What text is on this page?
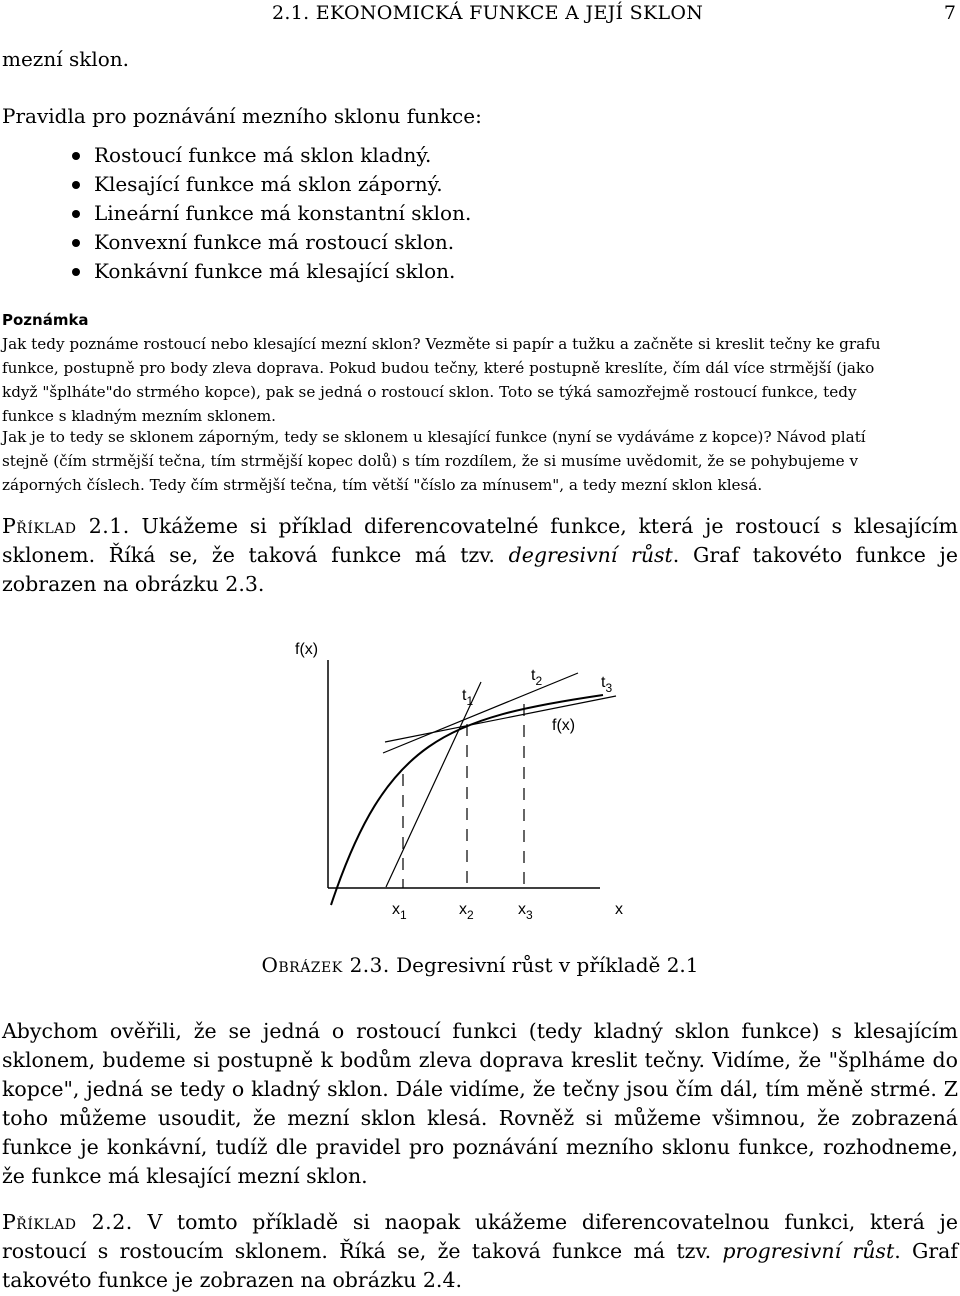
2.1. EKONOMICKÁ FUNKCE A JEJÍ SKLON	7
mezní sklon.
Pravidla pro poznávání mezního sklonu funkce:
Rostoucí funkce má sklon kladný.
Klesající funkce má sklon záporný.
Lineární funkce má konstantní sklon.
Konvexní funkce má rostoucí sklon.
Konkávní funkce má klesající sklon.
Poznámka
Jak tedy poznáme rostoucí nebo klesající mezní sklon? Vezměte si papír a tužku a začněte si kreslit tečny ke grafu
funkce, postupně pro body zleva doprava. Pokud budou tečny, které postupně kreslíte, čím dál více strmější (jako
když "šplháte"do strmého kopce), pak se jedná o rostoucí sklon. Toto se týká samozřejmě rostoucí funkce, tedy
funkce s kladným mezním sklonem.
Jak je to tedy se sklonem záporným, tedy se sklonem u klesající funkce (nyní se vydáváme z kopce)? Návod platí
stejně (čím strmější tečna, tím strmější kopec dolů) s tím rozdílem, že si musíme uvědomit, že se pohybujeme v
záporných číslech. Tedy čím strmější tečna, tím větší "číslo za mínusem", a tedy mezní sklon klesá.
Příklad 2.1. Ukážeme si příklad diferencovatelné funkce, která je rostoucí s klesajícím sklonem. Říká se, že taková funkce má tzv. degresivní růst. Graf takovéto funkce je zobrazen na obrázku 2.3.
f(x)
x
f(x)
$t_1$
$t_2$	$t_3$
$x_1$	$x_2$	$x_3$
Obrázek 2.3. Degresivní růst v příkladě 2.1
Abychom ověřili, že se jedná o rostoucí funkci (tedy kladný sklon funkce) s klesajícím sklonem, budeme si postupně k bodům zleva doprava kreslit tečny. Vidíme, že "šplháme do kopce", jedná se tedy o kladný sklon. Dále vidíme, že tečny jsou čím dál, tím měně strmé. Z toho můžeme usoudit, že mezní sklon klesá. Rovněž si můžeme všimnou, že zobrazená funkce je konkávní, tudíž dle pravidel pro poznávání mezního sklonu funkce, rozhodneme, že funkce má klesající mezní sklon.
Příklad 2.2. V tomto příkladě si naopak ukážeme diferencovatelnou funkci, která je rostoucí s rostoucím sklonem. Říká se, že taková funkce má tzv. progresivní růst. Graf takovéto funkce je zobrazen na obrázku 2.4.
